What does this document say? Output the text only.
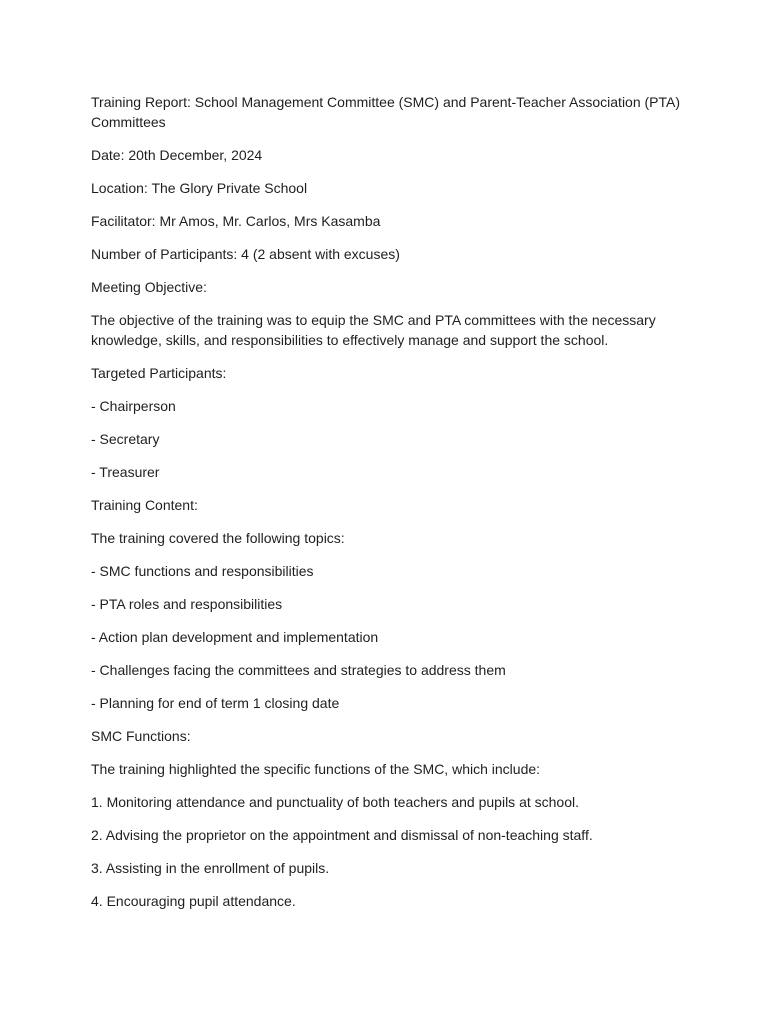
Training Report: School Management Committee (SMC) and Parent-Teacher Association (PTA) Committees

Date: 20th December, 2024

Location: The Glory Private School

Facilitator: Mr Amos, Mr. Carlos, Mrs Kasamba

Number of Participants: 4 (2 absent with excuses)

Meeting Objective:

The objective of the training was to equip the SMC and PTA committees with the necessary knowledge, skills, and responsibilities to effectively manage and support the school.

Targeted Participants:

- Chairperson

- Secretary

- Treasurer

Training Content:

The training covered the following topics:

- SMC functions and responsibilities

- PTA roles and responsibilities

- Action plan development and implementation

- Challenges facing the committees and strategies to address them

- Planning for end of term 1 closing date

SMC Functions:

The training highlighted the specific functions of the SMC, which include:

1. Monitoring attendance and punctuality of both teachers and pupils at school.

2. Advising the proprietor on the appointment and dismissal of non-teaching staff.

3. Assisting in the enrollment of pupils.

4. Encouraging pupil attendance.
